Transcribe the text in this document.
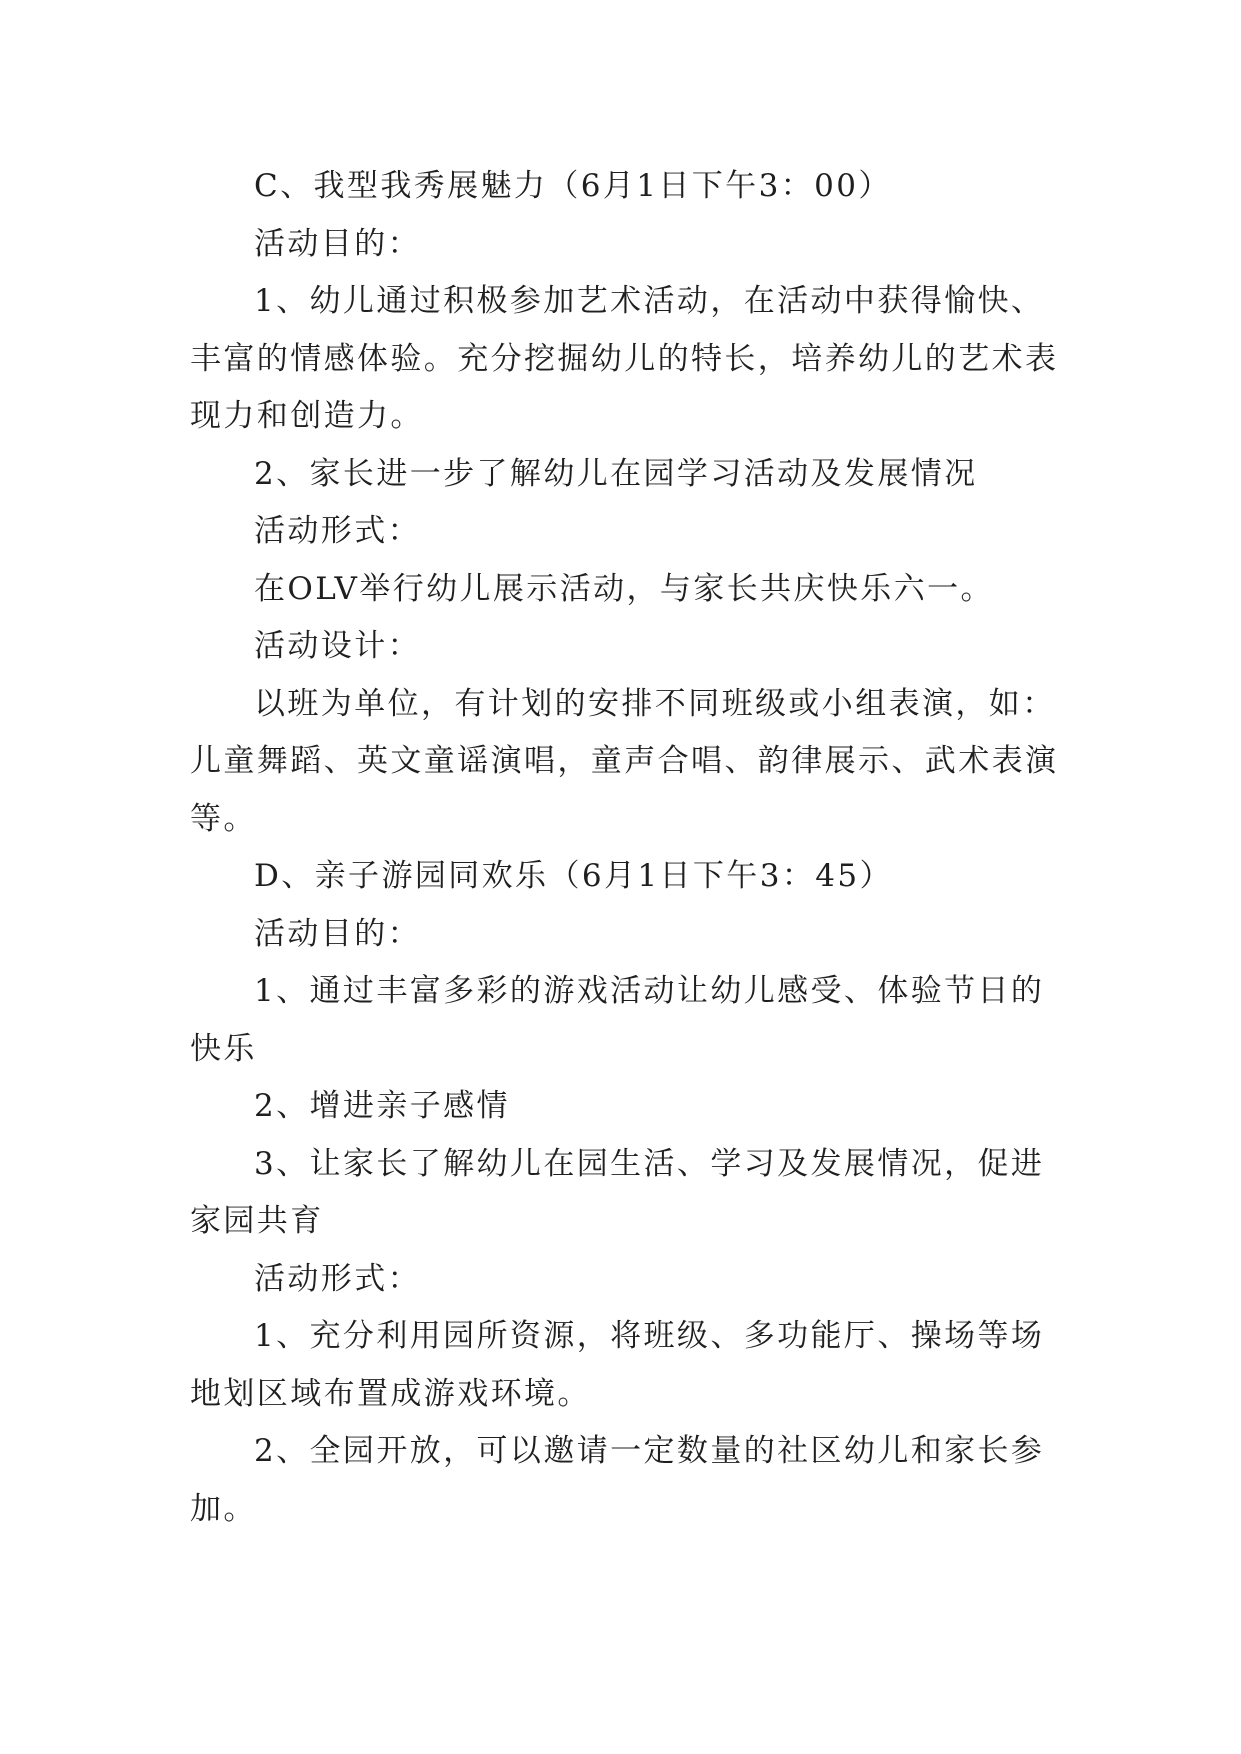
C、我型我秀展魅力（6月1日下午3：00）

活动目的：

1、幼儿通过积极参加艺术活动，在活动中获得愉快、丰富的情感体验。充分挖掘幼儿的特长，培养幼儿的艺术表现力和创造力。

2、家长进一步了解幼儿在园学习活动及发展情况

活动形式：

在OLV举行幼儿展示活动，与家长共庆快乐六一。

活动设计：

以班为单位，有计划的安排不同班级或小组表演，如：儿童舞蹈、英文童谣演唱，童声合唱、韵律展示、武术表演等。

D、亲子游园同欢乐（6月1日下午3：45）

活动目的：

1、通过丰富多彩的游戏活动让幼儿感受、体验节日的快乐

2、增进亲子感情

3、让家长了解幼儿在园生活、学习及发展情况，促进家园共育

活动形式：

1、充分利用园所资源，将班级、多功能厅、操场等场地划区域布置成游戏环境。

2、全园开放，可以邀请一定数量的社区幼儿和家长参加。
